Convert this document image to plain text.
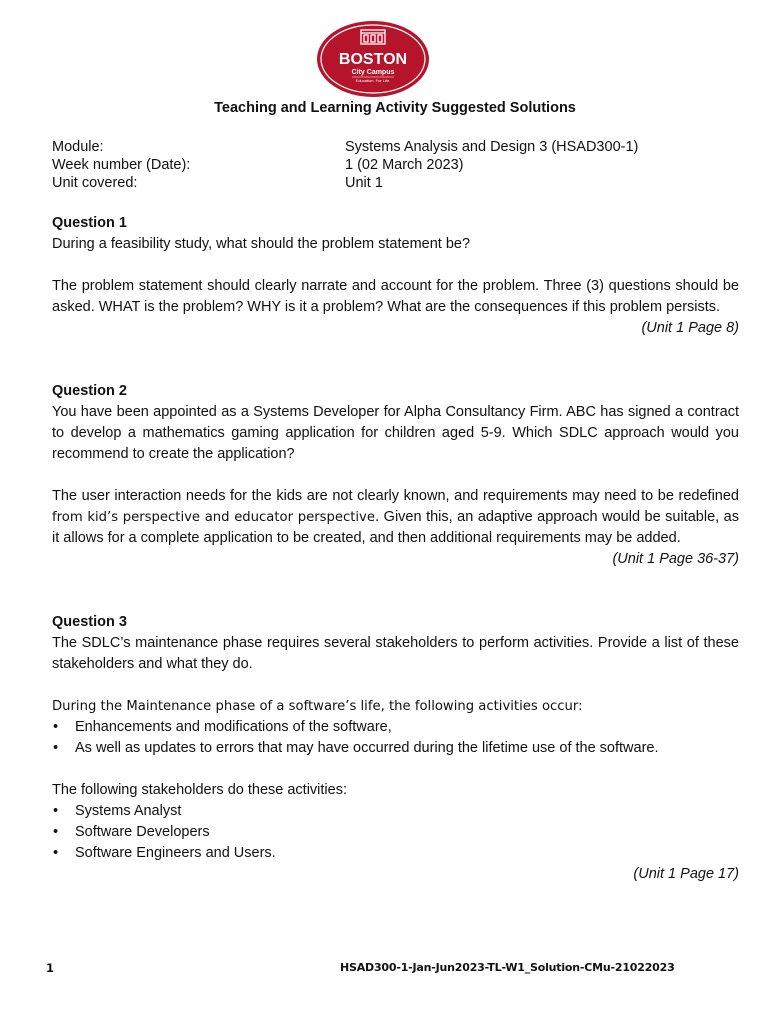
BOSTON
City Campus
Education. For Life.
Teaching and Learning Activity Suggested Solutions
Module:	Systems Analysis and Design 3 (HSAD300-1)
Week number (Date):	1 (02 March 2023)
Unit covered:	Unit 1

Question 1

During a feasibility study, what should the problem statement be?

The problem statement should clearly narrate and account for the problem. Three (3) questions should be asked. WHAT is the problem? WHY is it a problem? What are the consequences if this problem persists.

(Unit 1 Page 8)

Question 2

You have been appointed as a Systems Developer for Alpha Consultancy Firm. ABC has signed a contract to develop a mathematics gaming application for children aged 5-9. Which SDLC approach would you recommend to create the application?

The user interaction needs for the kids are not clearly known, and requirements may need to be redefined from kid’s perspective and educator perspective. Given this, an adaptive approach would be suitable, as it allows for a complete application to be created, and then additional requirements may be added.

(Unit 1 Page 36-37)

Question 3

The SDLC’s maintenance phase requires several stakeholders to perform activities. Provide a list of these stakeholders and what they do.

During the Maintenance phase of a software’s life, the following activities occur:

• Enhancements and modifications of the software,
• As well as updates to errors that may have occurred during the lifetime use of the software.

The following stakeholders do these activities:

• Systems Analyst
• Software Developers
• Software Engineers and Users.

(Unit 1 Page 17)

1	HSAD300-1-Jan-Jun2023-TL-W1_Solution-CMu-21022023
